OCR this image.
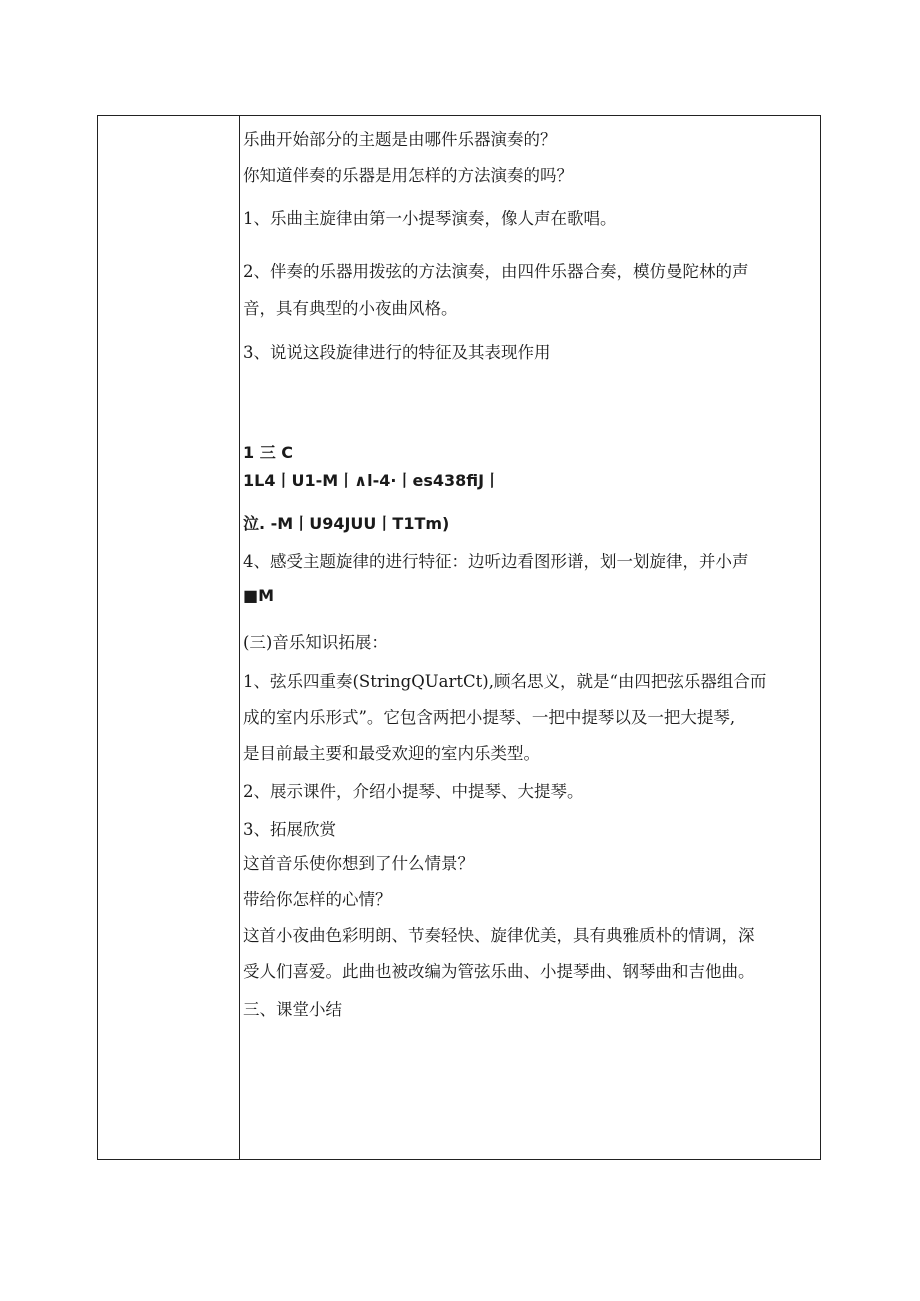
乐曲开始部分的主题是由哪件乐器演奏的？
你知道伴奏的乐器是用怎样的方法演奏的吗？
1、乐曲主旋律由第一小提琴演奏，像人声在歌唱。
2、伴奏的乐器用拨弦的方法演奏，由四件乐器合奏，模仿曼陀林的声
音，具有典型的小夜曲风格。
3、说说这段旋律进行的特征及其表现作用
1 三 C
1L4丨U1-M丨∧l-4·丨es438fiJ丨
泣. -M丨U94JUU丨T1Tm)
4、感受主题旋律的进行特征：边听边看图形谱，划一划旋律，并小声
■M
(三)音乐知识拓展：
1、弦乐四重奏(StringQUartCt),顾名思义，就是“由四把弦乐器组合而
成的室内乐形式”。它包含两把小提琴、一把中提琴以及一把大提琴,
是目前最主要和最受欢迎的室内乐类型。
2、展示课件，介绍小提琴、中提琴、大提琴。
3、拓展欣赏
这首音乐使你想到了什么情景？
带给你怎样的心情？
这首小夜曲色彩明朗、节奏轻快、旋律优美，具有典雅质朴的情调，深
受人们喜爱。此曲也被改编为管弦乐曲、小提琴曲、钢琴曲和吉他曲。
三、课堂小结
